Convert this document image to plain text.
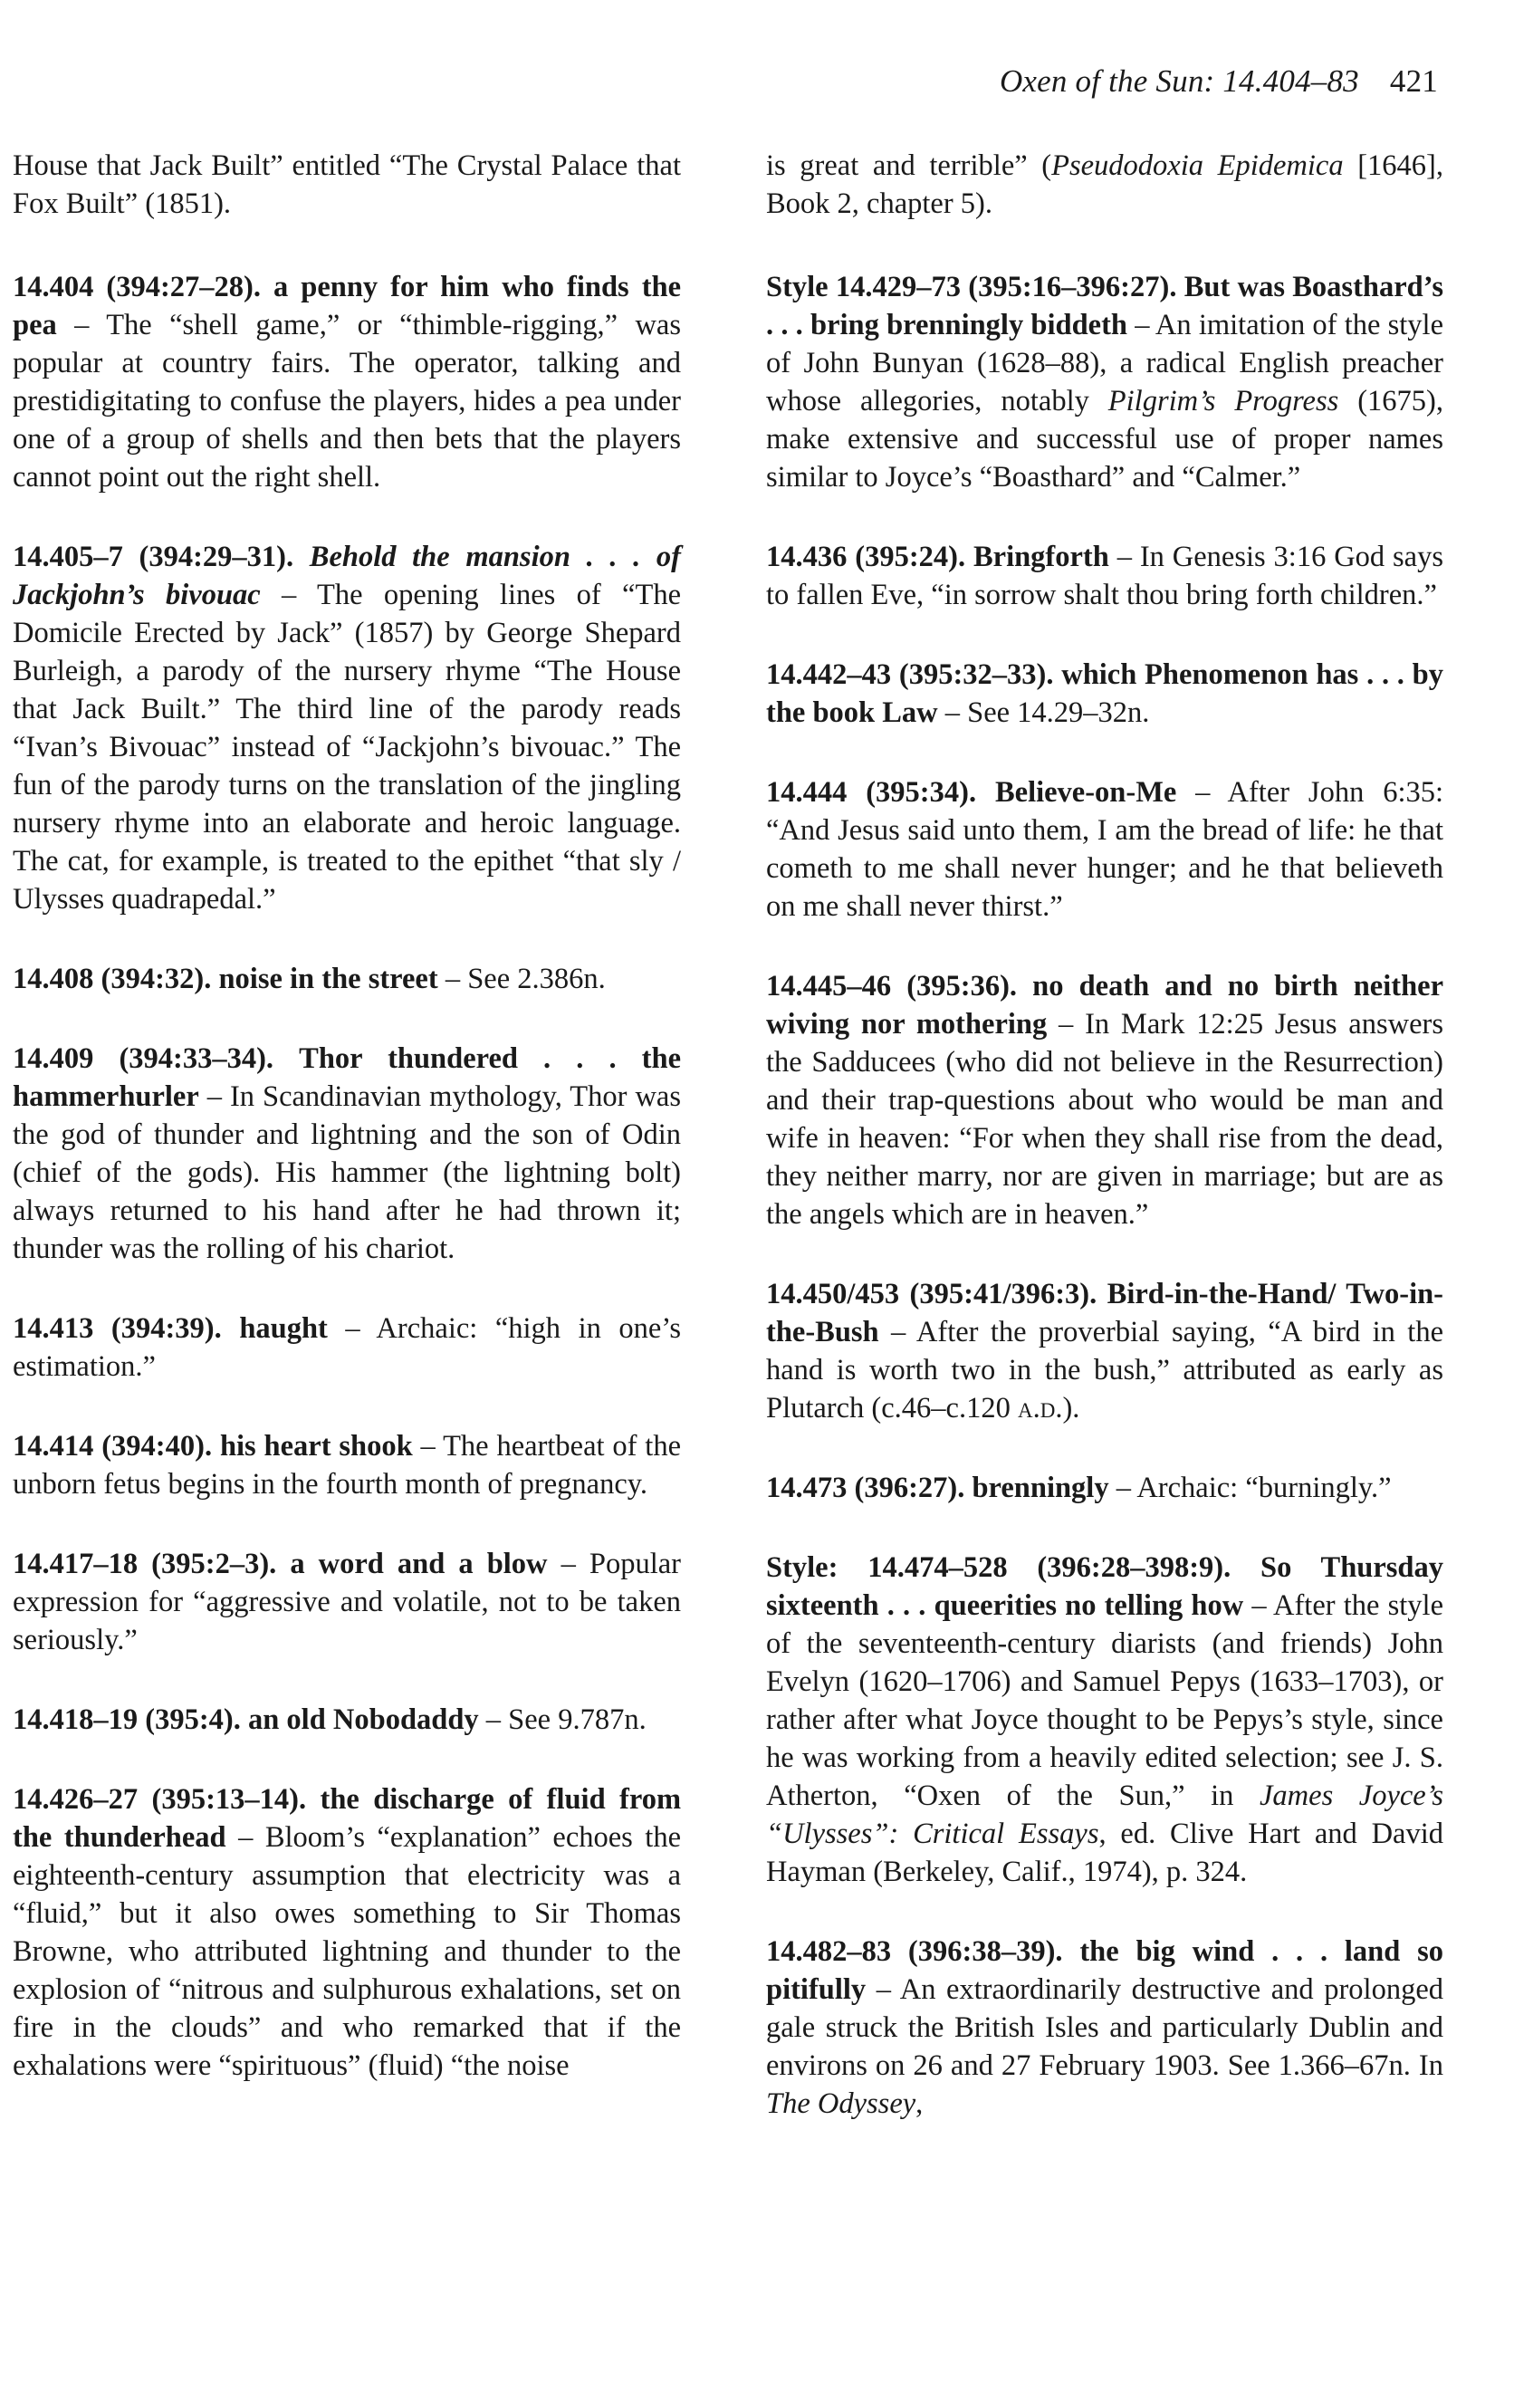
Oxen of the Sun: 14.404–83 421

House that Jack Built” entitled “The Crystal Palace that Fox Built” (1851).

14.404 (394:27–28). a penny for him who finds the pea – The “shell game,” or “thimble-rigging,” was popular at country fairs. The operator, talking and prestidigitating to confuse the players, hides a pea under one of a group of shells and then bets that the players cannot point out the right shell.

14.405–7 (394:29–31). Behold the mansion . . . of Jackjohn’s bivouac – The opening lines of “The Domicile Erected by Jack” (1857) by George Shepard Burleigh, a parody of the nursery rhyme “The House that Jack Built.” The third line of the parody reads “Ivan’s Bivouac” instead of “Jackjohn’s bivouac.” The fun of the parody turns on the translation of the jingling nursery rhyme into an elaborate and heroic language. The cat, for example, is treated to the epithet “that sly / Ulysses quadrapedal.”

14.408 (394:32). noise in the street – See 2.386n.

14.409 (394:33–34). Thor thundered . . . the hammerhurler – In Scandinavian mythology, Thor was the god of thunder and lightning and the son of Odin (chief of the gods). His hammer (the lightning bolt) always returned to his hand after he had thrown it; thunder was the rolling of his chariot.

14.413 (394:39). haught – Archaic: “high in one’s estimation.”

14.414 (394:40). his heart shook – The heartbeat of the unborn fetus begins in the fourth month of pregnancy.

14.417–18 (395:2–3). a word and a blow – Popular expression for “aggressive and volatile, not to be taken seriously.”

14.418–19 (395:4). an old Nobodaddy – See 9.787n.

14.426–27 (395:13–14). the discharge of fluid from the thunderhead – Bloom’s “explanation” echoes the eighteenth-century assumption that electricity was a “fluid,” but it also owes something to Sir Thomas Browne, who attributed lightning and thunder to the explosion of “nitrous and sulphurous exhalations, set on fire in the clouds” and who remarked that if the exhalations were “spirituous” (fluid) “the noise

is great and terrible” (Pseudodoxia Epidemica [1646], Book 2, chapter 5).

Style 14.429–73 (395:16–396:27). But was Boasthard’s . . . bring brenningly biddeth – An imitation of the style of John Bunyan (1628–88), a radical English preacher whose allegories, notably Pilgrim’s Progress (1675), make extensive and successful use of proper names similar to Joyce’s “Boasthard” and “Calmer.”

14.436 (395:24). Bringforth – In Genesis 3:16 God says to fallen Eve, “in sorrow shalt thou bring forth children.”

14.442–43 (395:32–33). which Phenomenon has . . . by the book Law – See 14.29–32n.

14.444 (395:34). Believe-on-Me – After John 6:35: “And Jesus said unto them, I am the bread of life: he that cometh to me shall never hunger; and he that believeth on me shall never thirst.”

14.445–46 (395:36). no death and no birth neither wiving nor mothering – In Mark 12:25 Jesus answers the Sadducees (who did not believe in the Resurrection) and their trap-questions about who would be man and wife in heaven: “For when they shall rise from the dead, they neither marry, nor are given in marriage; but are as the angels which are in heaven.”

14.450/453 (395:41/396:3). Bird-in-the-Hand/ Two-in-the-Bush – After the proverbial saying, “A bird in the hand is worth two in the bush,” attributed as early as Plutarch (c.46–c.120 a.d.).

14.473 (396:27). brenningly – Archaic: “burningly.”

Style: 14.474–528 (396:28–398:9). So Thursday sixteenth . . . queerities no telling how – After the style of the seventeenth-century diarists (and friends) John Evelyn (1620–1706) and Samuel Pepys (1633–1703), or rather after what Joyce thought to be Pepys’s style, since he was working from a heavily edited selection; see J. S. Atherton, “Oxen of the Sun,” in James Joyce’s “Ulysses”: Critical Essays, ed. Clive Hart and David Hayman (Berkeley, Calif., 1974), p. 324.

14.482–83 (396:38–39). the big wind . . . land so pitifully – An extraordinarily destructive and prolonged gale struck the British Isles and particularly Dublin and environs on 26 and 27 February 1903. See 1.366–67n. In The Odyssey,
